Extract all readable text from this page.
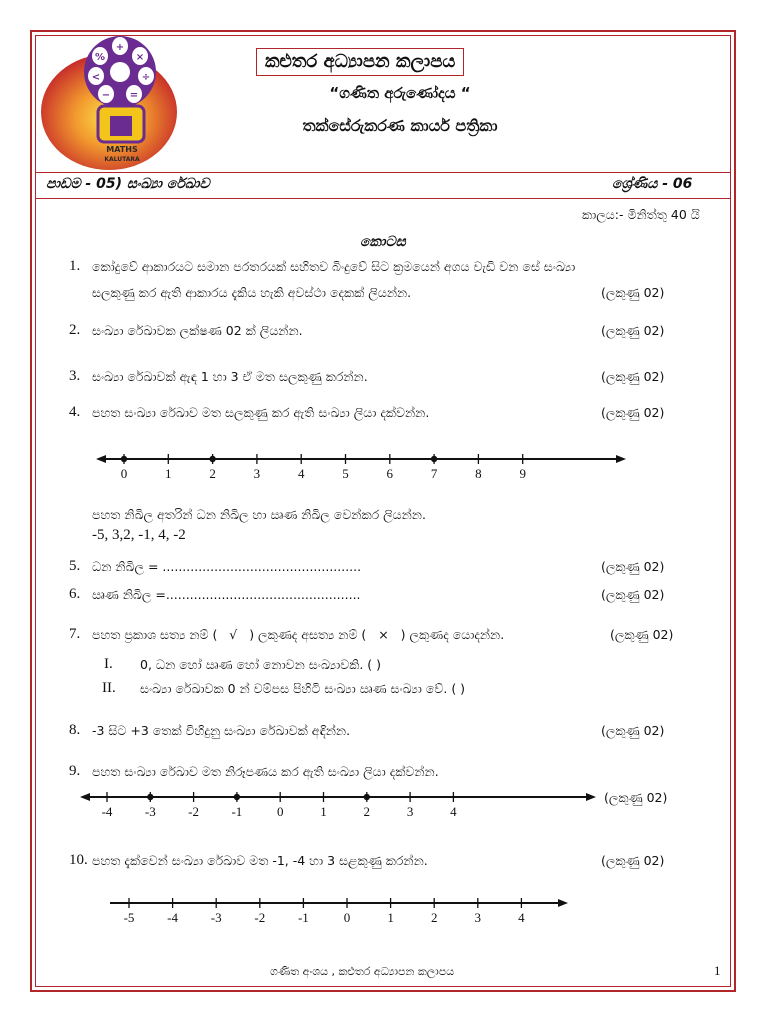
+
×
÷
=
−
<
%
MATHS
KALUTARA
කළුතර අධ්‍යාපන කලාපය
“ගණිත අරුණෝදය “
තක්සේරුකරණ කාර්ය පත්‍රිකා
පාඩම - 05) සංඛ්‍යා රේඛාව	ශ්‍රේණිය - 06
කාලය:- මිනිත්තු 40 යි
කොටස
1. කෝදුවේ ආකාරයට සමාන පරතරයක් සහිතව බිංදුවේ සිට ක්‍රමයෙන් අගය වැඩි වන සේ සංඛ්‍යා
සලකුණු කර ඇති ආකාරය දැකිය හැකි අවස්ථා දෙකක් ලියන්න.	(ලකුණු 02)
2. සංඛ්‍යා රේඛාවක ලක්ෂණ 02 ක් ලියන්න.	(ලකුණු 02)
3. සංඛ්‍යා රේඛාවක් ඇඳ 1 හා 3 ඒ මත සලකුණු කරන්න.	(ලකුණු 02)
4. පහත සංඛ්‍යා රේඛාව මත සලකුණු කර ඇති සංඛ්‍යා ලියා දක්වන්න.	(ලකුණු 02)
0	1	2	3	4	5	6	7	8	9
-4 -3 -2 -1	0	1	2	3	4
-5	-4	-3	-2	-1	0	1	2	3	4
පහත නිඛිල අතරින් ධන නිඛිල හා ඍණ නිඛිල වෙන්කර ලියන්න.
-5, 3,2, -1, 4, -2
5. ධන නිඛිල = ..................................................	(ලකුණු 02)
6. ඍණ නිඛිල =.................................................	(ලකුණු 02)
7. පහත ප්‍රකාශ සත්‍ය නම් ( √ ) ලකුණද අසත්‍ය නම් ( × ) ලකුණද යොදන්න.	(ලකුණු 02)
I. 0, ධන හෝ ඍණ හෝ නොවන සංඛ්‍යාවකි. ( )
II. සංඛ්‍යා රේඛාවක 0 න් වම්පස පිහිටි සංඛ්‍යා ඍණ සංඛ්‍යා වේ. ( )
8. -3 සිට +3 තෙක් විහිදුනු සංඛ්‍යා රේඛාවක් අඳින්න.	(ලකුණු 02)
9. පහත සංඛ්‍යා රේඛාව මත නිරූපණය කර ඇති සංඛ්‍යා ලියා දක්වන්න.
(ලකුණු 02)
10. පහත දැක්වෙන් සංඛ්‍යා රේඛාව මත -1, -4 හා 3 සළකුණු කරන්න.	(ලකුණු 02)
ගණිත අංශය , කළුතර අධ්‍යාපන කලාපය	1
